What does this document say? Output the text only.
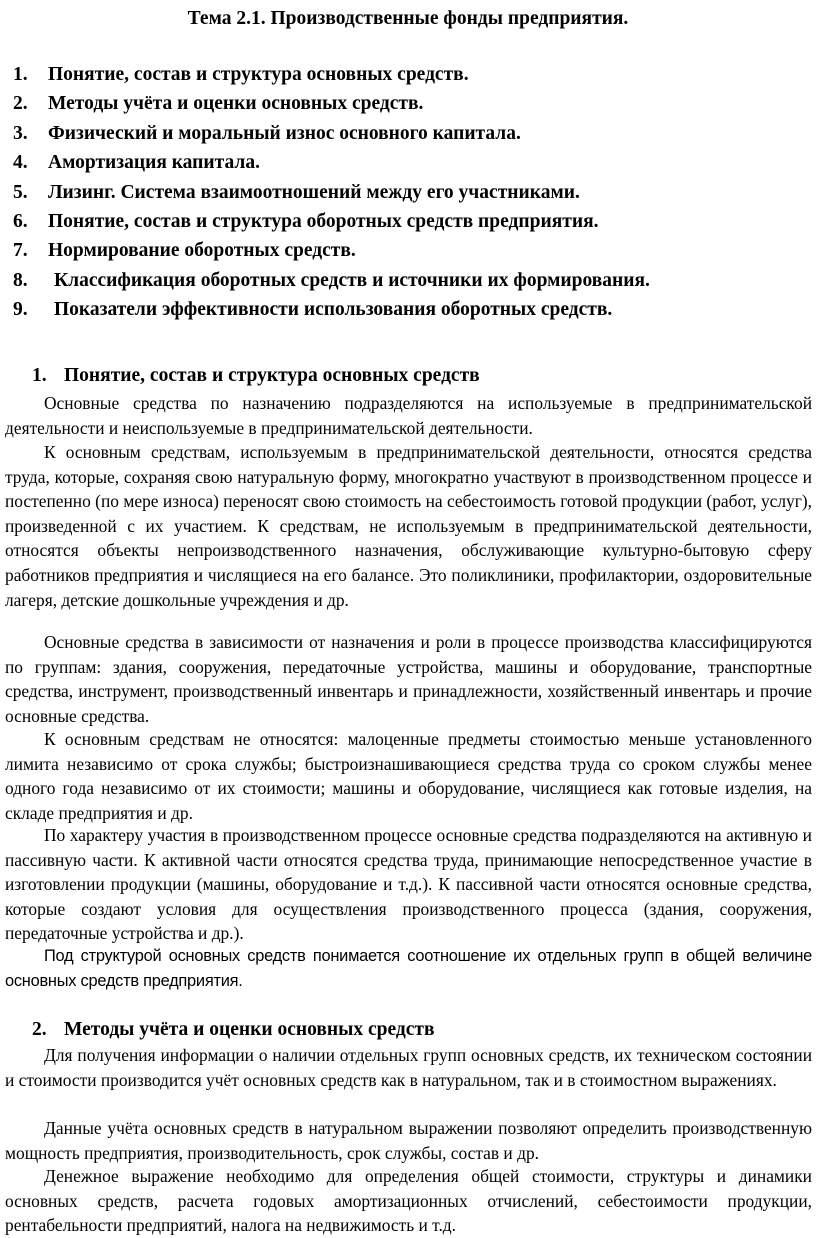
Тема 2.1. Производственные фонды предприятия.
1. Понятие, состав и структура основных средств.
2. Методы учёта и оценки основных средств.
3. Физический и моральный износ основного капитала.
4. Амортизация капитала.
5. Лизинг. Система взаимоотношений между его участниками.
6. Понятие, состав и структура оборотных средств предприятия.
7. Нормирование оборотных средств.
8. Классификация оборотных средств и источники их формирования.
9. Показатели эффективности использования оборотных средств.
1. Понятие, состав и структура основных средств

Основные средства по назначению подразделяются на используемые в предпринимательской деятельности и неиспользуемые в предпринимательской деятельности.

К основным средствам, используемым в предпринимательской деятельности, относятся средства труда, которые, сохраняя свою натуральную форму, многократно участвуют в производственном процессе и постепенно (по мере износа) переносят свою стоимость на себестоимость готовой продукции (работ, услуг), произведенной с их участием. К средствам, не используемым в предпринимательской деятельности, относятся объекты непроизводственного назначения, обслуживающие культурно-бытовую сферу работников предприятия и числящиеся на его балансе. Это поликлиники, профилактории, оздоровительные лагеря, детские дошкольные учреждения и др.

Основные средства в зависимости от назначения и роли в процессе производства классифицируются по группам: здания, сооружения, передаточные устройства, машины и оборудование, транспортные средства, инструмент, производственный инвентарь и принадлежности, хозяйственный инвентарь и прочие основные средства.

К основным средствам не относятся: малоценные предметы стоимостью меньше установленного лимита независимо от срока службы; быстроизнашивающиеся средства труда со сроком службы менее одного года независимо от их стоимости; машины и оборудование, числящиеся как готовые изделия, на складе предприятия и др.

По характеру участия в производственном процессе основные средства подразделяются на активную и пассивную части. К активной части относятся средства труда, принимающие непосредственное участие в изготовлении продукции (машины, оборудование и т.д.). К пассивной части относятся основные средства, которые создают условия для осуществления производственного процесса (здания, сооружения, передаточные устройства и др.).

Под структурой основных средств понимается соотношение их отдельных групп в общей величине основных средств предприятия.

2. Методы учёта и оценки основных средств

Для получения информации о наличии отдельных групп основных средств, их техническом состоянии и стоимости производится учёт основных средств как в натуральном, так и в стоимостном выражениях.

Данные учёта основных средств в натуральном выражении позволяют определить производственную мощность предприятия, производительность, срок службы, состав и др.

Денежное выражение необходимо для определения общей стоимости, структуры и динамики основных средств, расчета годовых амортизационных отчислений, себестоимости продукции, рентабельности предприятий, налога на недвижимость и т.д.
